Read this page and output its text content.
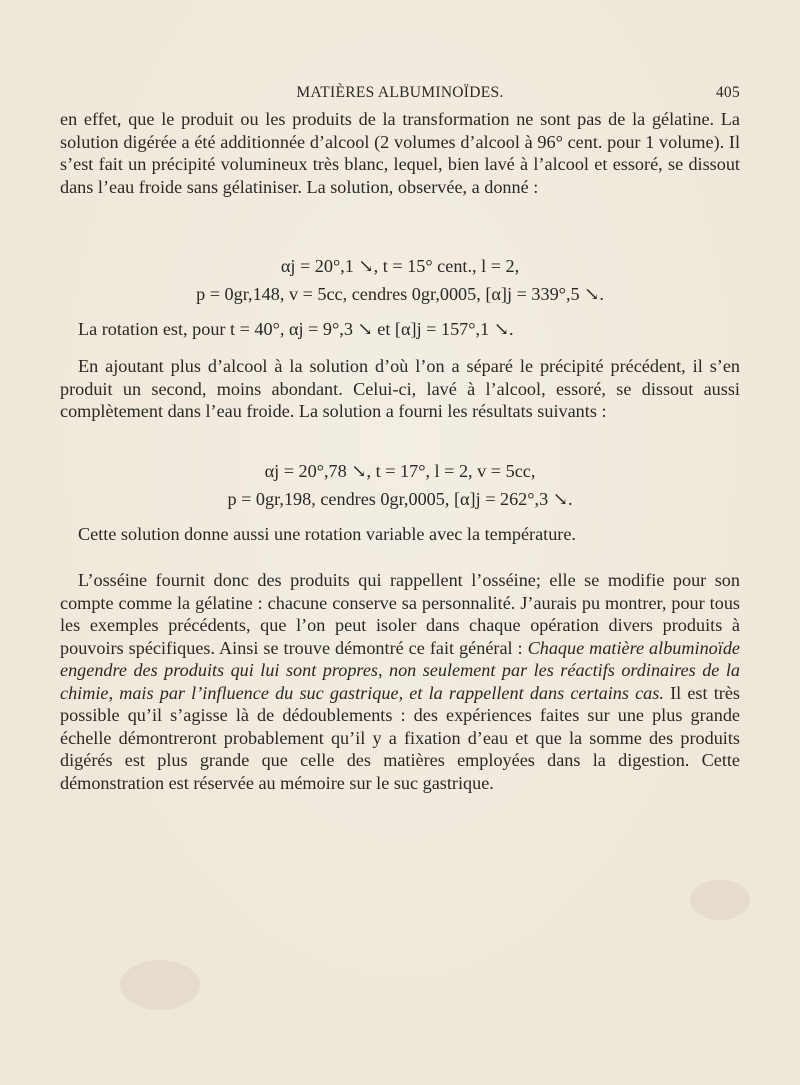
MATIÈRES ALBUMINOÏDES.	405

en effet, que le produit ou les produits de la transformation ne sont pas de la gélatine. La solution digérée a été additionnée d’alcool (2 volumes d’alcool à 96° cent. pour 1 volume). Il s’est fait un précipité volumineux très blanc, lequel, bien lavé à l’alcool et essoré, se dissout dans l’eau froide sans gélatiniser. La solution, observée, a donné :

αj = 20°,1 ↘, t = 15° cent., l = 2,
p = 0gr,148, v = 5cc, cendres 0gr,0005, [α]j = 339°,5 ↘.

La rotation est, pour t = 40°, αj = 9°,3 ↘ et [α]j = 157°,1 ↘.

En ajoutant plus d’alcool à la solution d’où l’on a séparé le précipité précédent, il s’en produit un second, moins abondant. Celui-ci, lavé à l’alcool, essoré, se dissout aussi complètement dans l’eau froide. La solution a fourni les résultats suivants :

αj = 20°,78 ↘, t = 17°, l = 2, v = 5cc,
p = 0gr,198, cendres 0gr,0005, [α]j = 262°,3 ↘.

Cette solution donne aussi une rotation variable avec la température.

L’osséine fournit donc des produits qui rappellent l’osséine; elle se modifie pour son compte comme la gélatine : chacune conserve sa personnalité. J’aurais pu montrer, pour tous les exemples précédents, que l’on peut isoler dans chaque opération divers produits à pouvoirs spécifiques. Ainsi se trouve démontré ce fait général : Chaque matière albuminoïde engendre des produits qui lui sont propres, non seulement par les réactifs ordinaires de la chimie, mais par l’influence du suc gastrique, et la rappellent dans certains cas. Il est très possible qu’il s’agisse là de dédoublements : des expériences faites sur une plus grande échelle démontreront probablement qu’il y a fixation d’eau et que la somme des produits digérés est plus grande que celle des matières employées dans la digestion. Cette démonstration est réservée au mémoire sur le suc gastrique.
